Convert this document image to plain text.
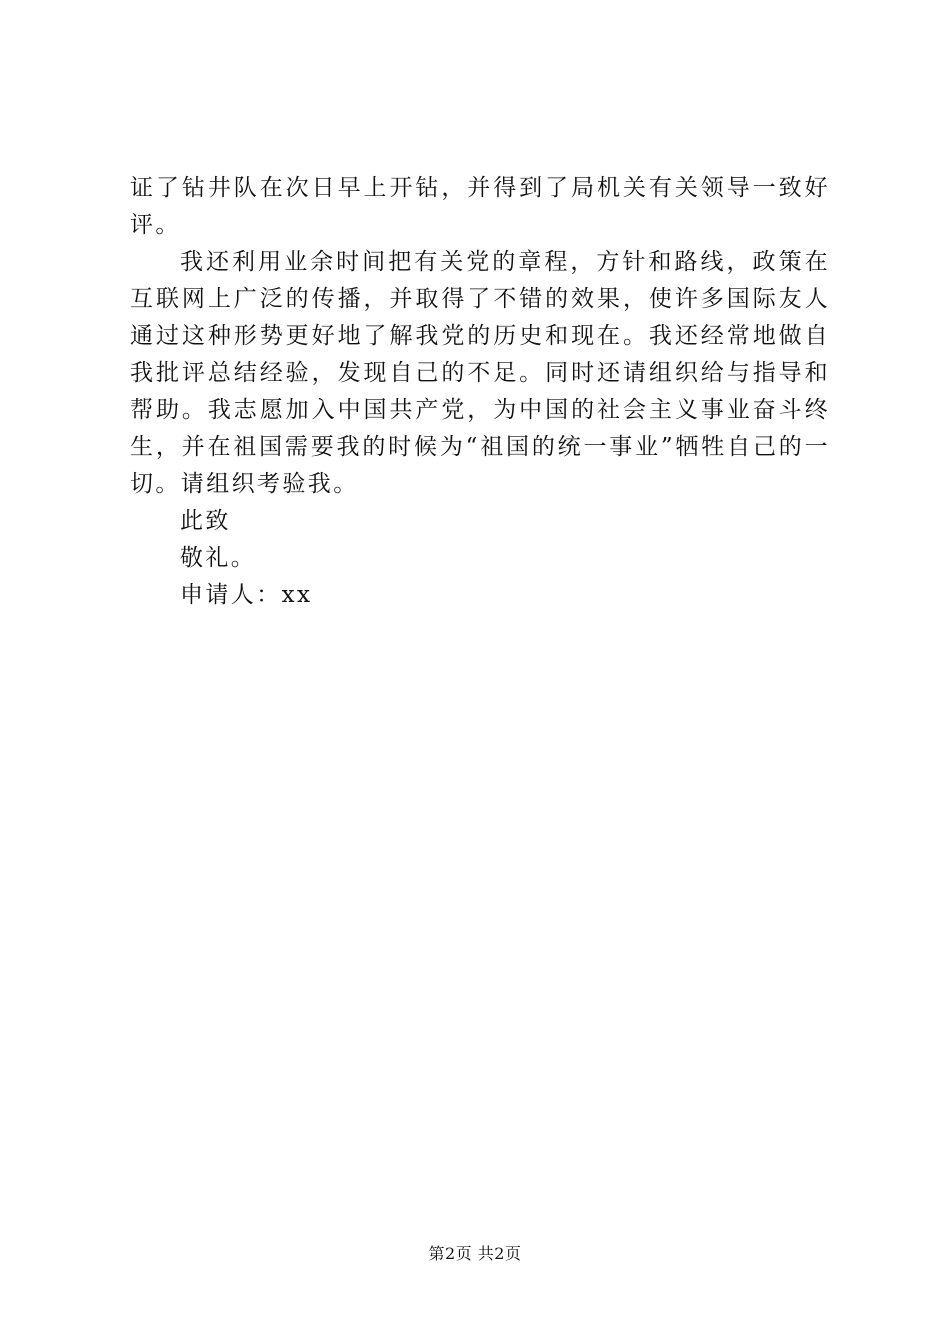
证了钻井队在次日早上开钻，并得到了局机关有关领导一致好评。

我还利用业余时间把有关党的章程，方针和路线，政策在互联网上广泛的传播，并取得了不错的效果，使许多国际友人通过这种形势更好地了解我党的历史和现在。我还经常地做自我批评总结经验，发现自己的不足。同时还请组织给与指导和帮助。我志愿加入中国共产党，为中国的社会主义事业奋斗终生，并在祖国需要我的时候为“祖国的统一事业”牺牲自己的一切。请组织考验我。

此致
敬礼。
申请人：xx
第2页 共2页
